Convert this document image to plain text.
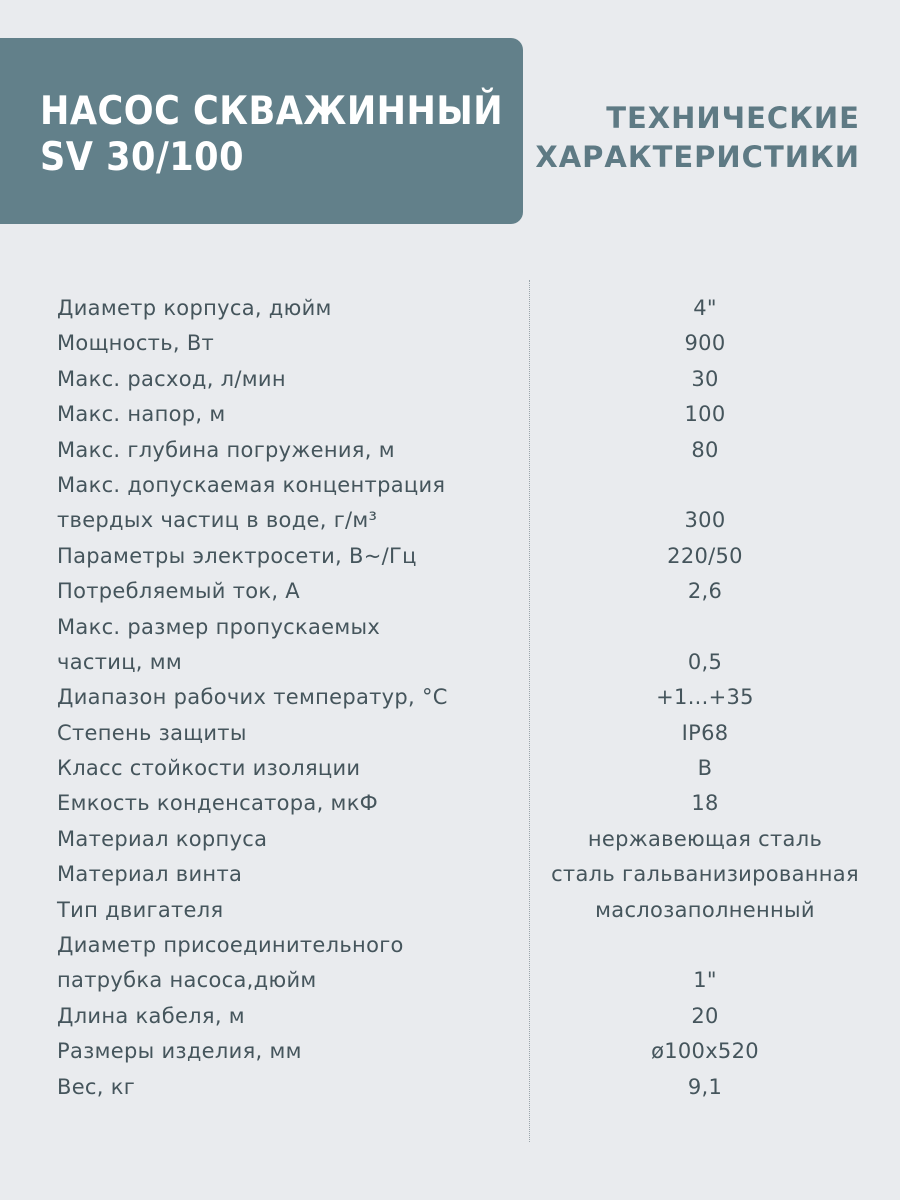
НАСОС СКВАЖИННЫЙ
SV 30/100
ТЕХНИЧЕСКИЕ
ХАРАКТЕРИСТИКИ
Диаметр корпуса, дюйм	4"
Мощность, Вт	900
Макс. расход, л/мин	30
Макс. напор, м	100
Макс. глубина погружения, м	80
Макс. допускаемая концентрация
твердых частиц в воде, г/м³	300
Параметры электросети, В~/Гц	220/50
Потребляемый ток, А	2,6
Макс. размер пропускаемых
частиц, мм	0,5
Диапазон рабочих температур, °С	+1...+35
Степень защиты	IP68
Класс стойкости изоляции	B
Емкость конденсатора, мкФ	18
Материал корпуса	нержавеющая сталь
Материал винта	сталь гальванизированная
Тип двигателя	маслозаполненный
Диаметр присоединительного
патрубка насоса,дюйм	1"
Длина кабеля, м	20
Размеры изделия, мм	ø100x520
Вес, кг	9,1
